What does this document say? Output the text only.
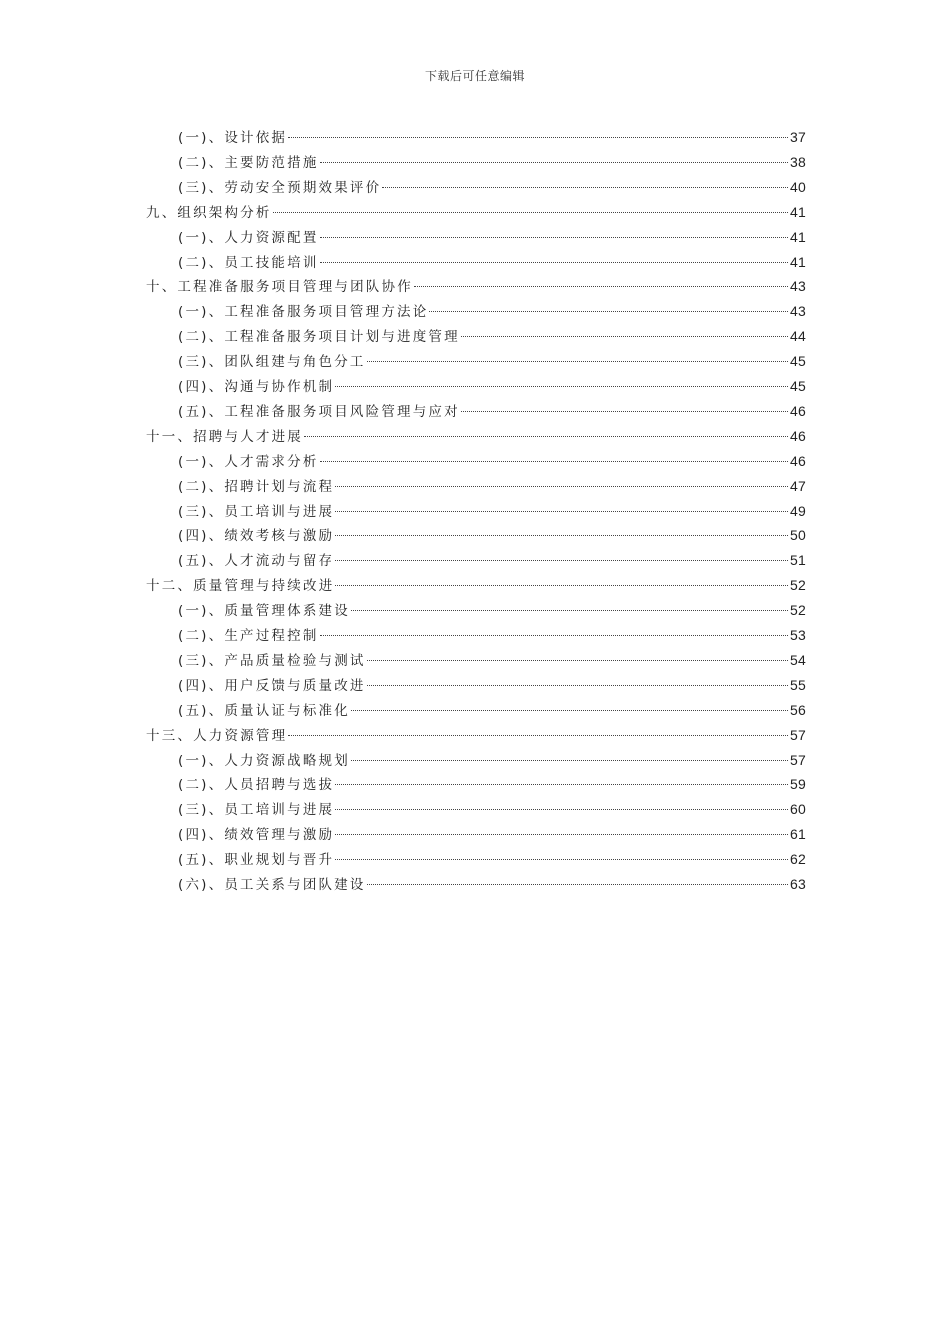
下载后可任意编辑
(一)、设计依据	37
(二)、主要防范措施	38
(三)、劳动安全预期效果评价	40
九、组织架构分析	41
(一)、人力资源配置	41
(二)、员工技能培训	41
十、工程准备服务项目管理与团队协作	43
(一)、工程准备服务项目管理方法论	43
(二)、工程准备服务项目计划与进度管理	44
(三)、团队组建与角色分工	45
(四)、沟通与协作机制	45
(五)、工程准备服务项目风险管理与应对	46
十一、招聘与人才进展	46
(一)、人才需求分析	46
(二)、招聘计划与流程	47
(三)、员工培训与进展	49
(四)、绩效考核与激励	50
(五)、人才流动与留存	51
十二、质量管理与持续改进	52
(一)、质量管理体系建设	52
(二)、生产过程控制	53
(三)、产品质量检验与测试	54
(四)、用户反馈与质量改进	55
(五)、质量认证与标准化	56
十三、人力资源管理	57
(一)、人力资源战略规划	57
(二)、人员招聘与选拔	59
(三)、员工培训与进展	60
(四)、绩效管理与激励	61
(五)、职业规划与晋升	62
(六)、员工关系与团队建设	63
